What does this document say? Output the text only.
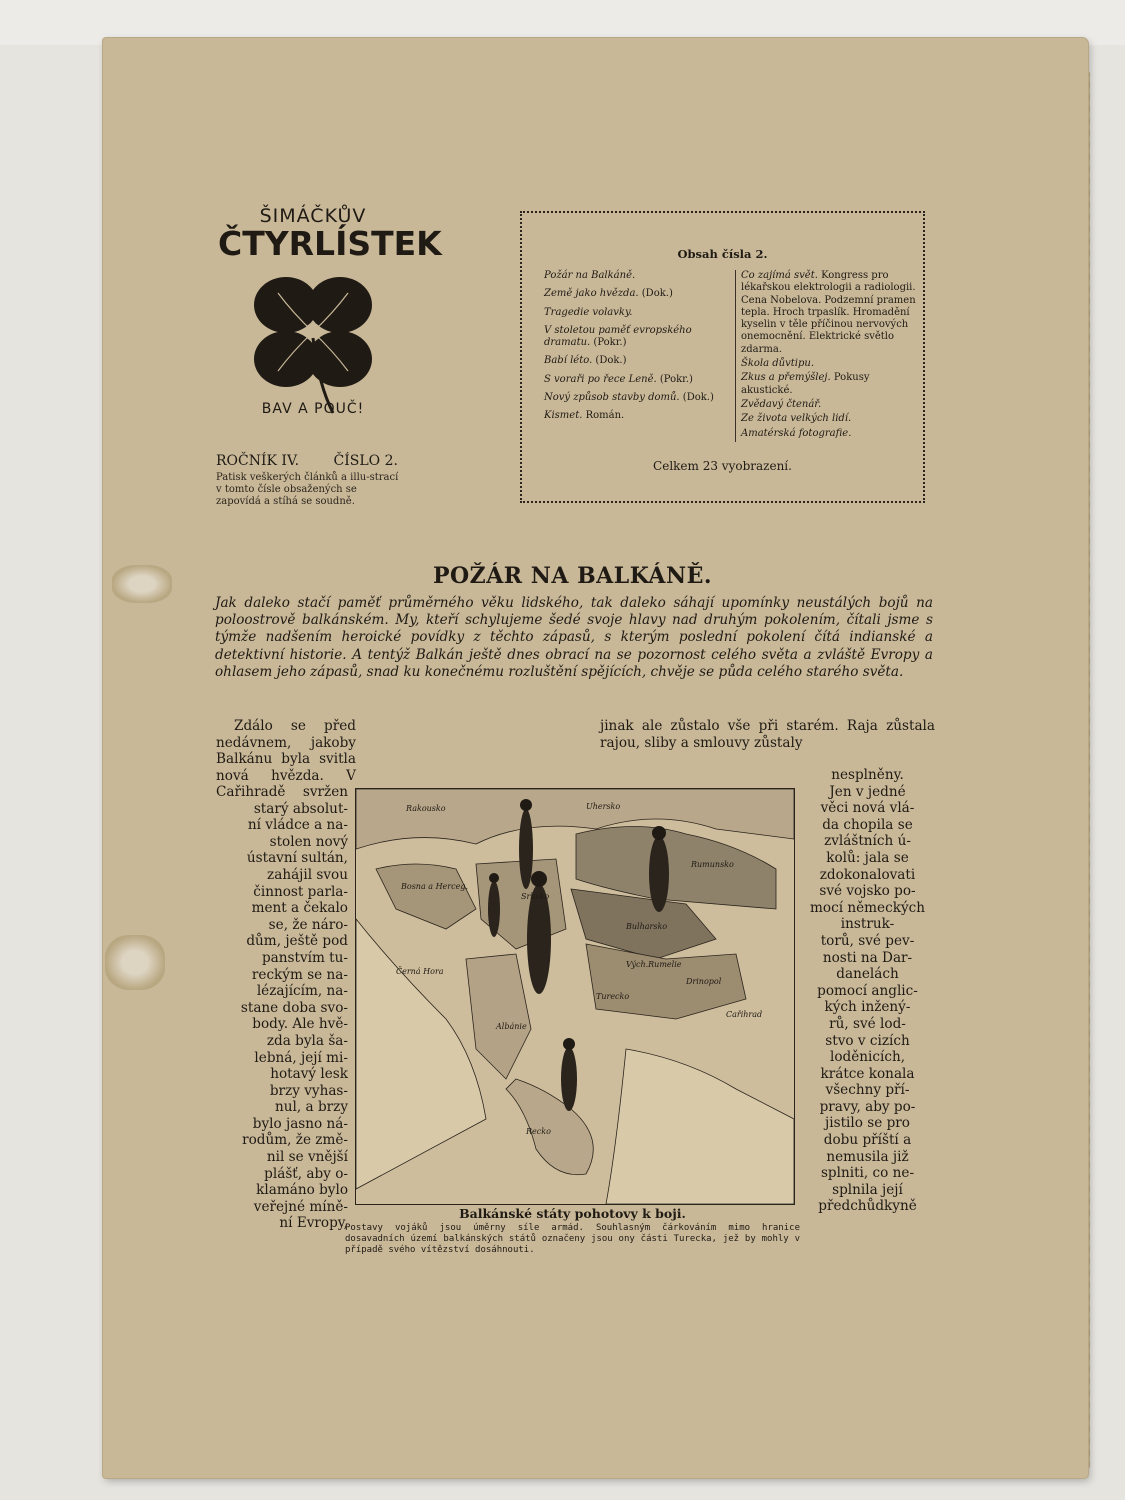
ŠIMÁČKŮV
ČTYRLÍSTEK
BAV A POUČ!
ROČNÍK IV. ČÍSLO 2.
Patisk veškerých článků a illu-strací v tomto čísle obsažených se zapovídá a stíhá se soudně.
Obsah čísla 2.
Požár na Balkáně.
Země jako hvězda. (Dok.)
Tragedie volavky.
V stoletou paměť evropského dramatu. (Pokr.)
Babí léto. (Dok.)
S voraři po řece Leně. (Pokr.)
Nový způsob stavby domů. (Dok.)
Kismet. Román.
Co zajímá svět. Kongress pro lékařskou elektrologii a radiologii. Cena Nobelova. Podzemní pramen tepla. Hroch trpaslík. Hromadění kyselin v těle příčinou nervových onemocnění. Elektrické světlo zdarma.
Škola důvtipu.
Zkus a přemýšlej. Pokusy akustické.
Zvědavý čtenář.
Ze života velkých lidí.
Amatérská fotografie.
Celkem 23 vyobrazení.
POŽÁR NA BALKÁNĚ.
Jak daleko stačí paměť průměrného věku lidského, tak daleko sáhají upomínky neustálých bojů na poloostrově balkánském. My, kteří schylujeme šedé svoje hlavy nad druhým pokolením, čítali jsme s týmže nadšením heroické povídky z těchto zápasů, s kterým poslední pokolení čítá indianské a detektivní historie. A tentýž Balkán ještě dnes obrací na se pozornost celého světa a zvláště Evropy a ohlasem jeho zápasů, snad ku konečnému rozluštění spějících, chvěje se půda celého starého světa.
Zdálo se před nedávnem, jakoby Balkánu byla svitla nová hvězda. V Cařihradě	svržen
starý absolut-
ní vládce a na-
stolen nový
ústavní sultán,
zahájil svou
činnost parla-
ment a čekalo
se, že náro-
dům, ještě pod
panstvím tu-
reckým se na-
lézajícím, na-
stane doba svo-
body. Ale hvě-
zda byla ša-
lebná, její mi-
hotavý lesk
brzy vyhas-
nul, a brzy
bylo jasno ná-
rodům, že změ-
nil se vnější
plášť, aby o-
klamáno bylo
veřejné míně-
ní Evropy,
jinak ale zůstalo vše při starém. Raja zůstala rajou, sliby a smlouvy zůstaly
nesplněny.
Jen v jedné
věci nová vlá-
da chopila se
zvláštních ú-
kolů: jala se
zdokonalovati
své vojsko po-
mocí německých
instruk-
torů, své pev-
nosti na Dar-
danelách
pomocí anglic-
kých inžený-
rů, své lod-
stvo v cizích
loděnicích,
krátce konala
všechny pří-
pravy, aby po-
jistilo se pro
dobu příští a
nemusila již
splniti, co ne-
splnila její
předchůdkyně
Rakousko	Uhersko
Rumunsko
Bosna a Herceg.
Srbsko
Bulharsko
Černá Hora
Vých.Rumelie
Albánie
Turecko
Drinopol
Cařihrad
Recko
Balkánské státy pohotovy k boji.
Postavy vojáků jsou úměrny síle armád. Souhlasným čárkováním mimo hranice dosavadních území balkánských států označeny jsou ony části Turecka, jež by mohly v případě svého vítězství dosáhnouti.
